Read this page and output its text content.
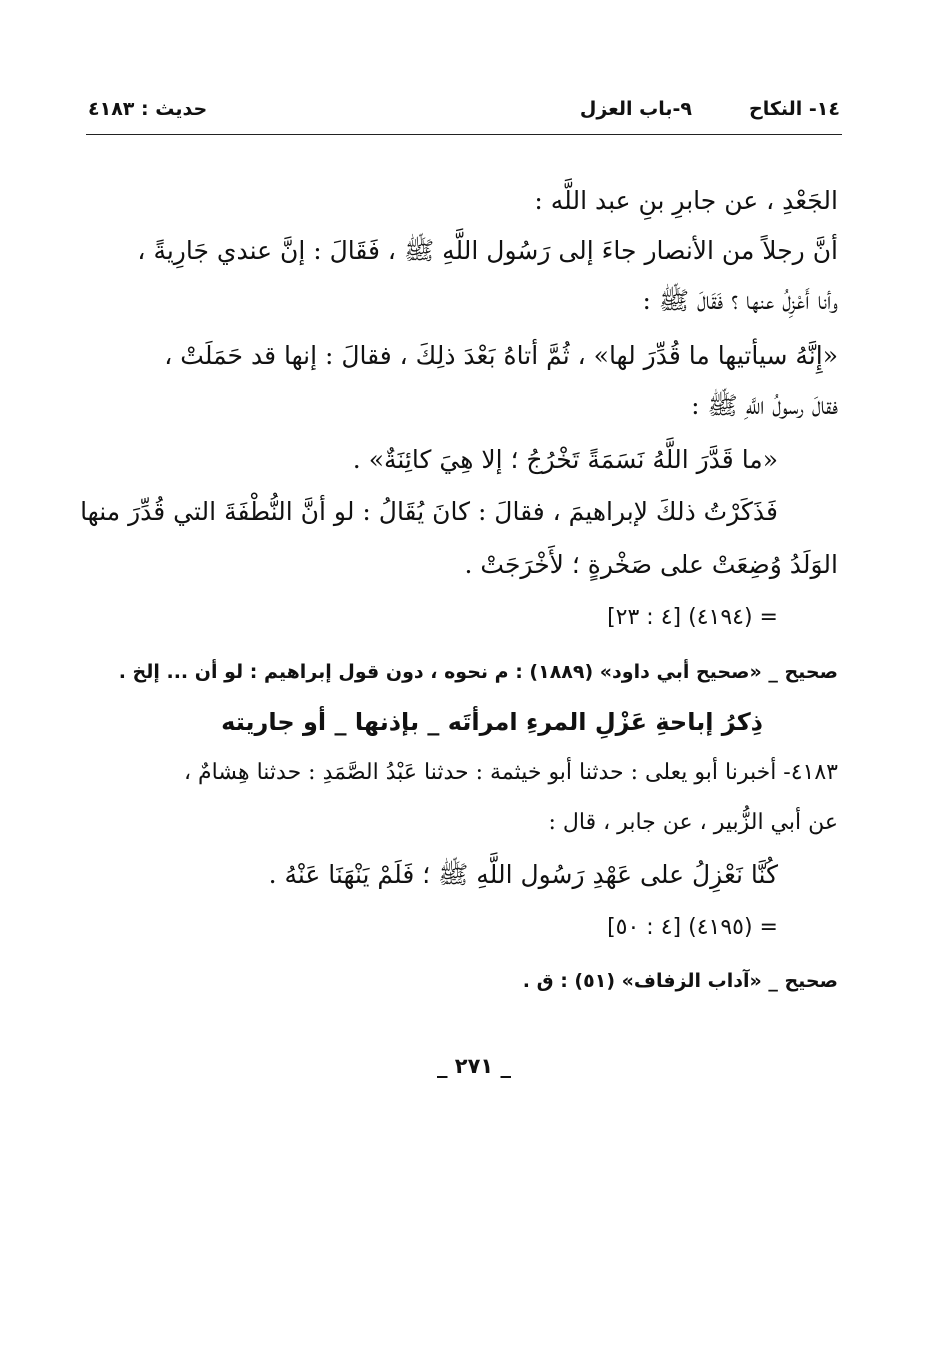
١٤- النكاح
٩-باب العزل
حديث : ٤١٨٣
الجَعْدِ ، عن جابرِ بنِ عبد اللَّه :
أنَّ رجلاً من الأنصار جاءَ إلى رَسُول اللَّهِ ﷺ ، فَقَالَ : إنَّ عندي جَارِيةً ،
وأنا أَعْزِلُ عنها ؟ فَقَالَ ﷺ :
«إِنَّهُ سيأتيها ما قُدِّرَ لها» ، ثُمَّ أتاهُ بَعْدَ ذلِكَ ، فقالَ : إنها قد حَمَلَتْ ،
فقالَ رسولُ اللَّهِ ﷺ :
«ما قَدَّرَ اللَّهُ نَسَمَةً تَخْرُجُ ؛ إلا هِيَ كائِنَةٌ» .
فَذَكَرْتُ ذلكَ لإبراهيمَ ، فقالَ : كانَ يُقَالُ : لو أنَّ النُّطْفَةَ التي قُدِّرَ منها
الوَلَدُ وُضِعَتْ على صَخْرةٍ ؛ لأَخْرَجَتْ .
= (٤١٩٤) [٤ : ٢٣]
صحيح _ «صحيح أبي داود» (١٨٨٩) : م نحوه ، دون قول إبراهيم : لو أن ... إلخ .
ذِكرُ إباحةِ عَزْلِ المرءِ امرأتَه _ بإذنها _ أو جاريته
٤١٨٣- أخبرنا أبو يعلى : حدثنا أبو خيثمة : حدثنا عَبْدُ الصَّمَدِ : حدثنا هِشامٌ ،
عن أبي الزُّبير ، عن جابر ، قال :
كُنَّا نَعْزِلُ على عَهْدِ رَسُول اللَّهِ ﷺ ؛ فَلَمْ يَنْهَنَا عَنْهُ .
= (٤١٩٥) [٤ : ٥٠]
صحيح _ «آداب الزفاف» (٥١) : ق .
_ ٢٧١ _
